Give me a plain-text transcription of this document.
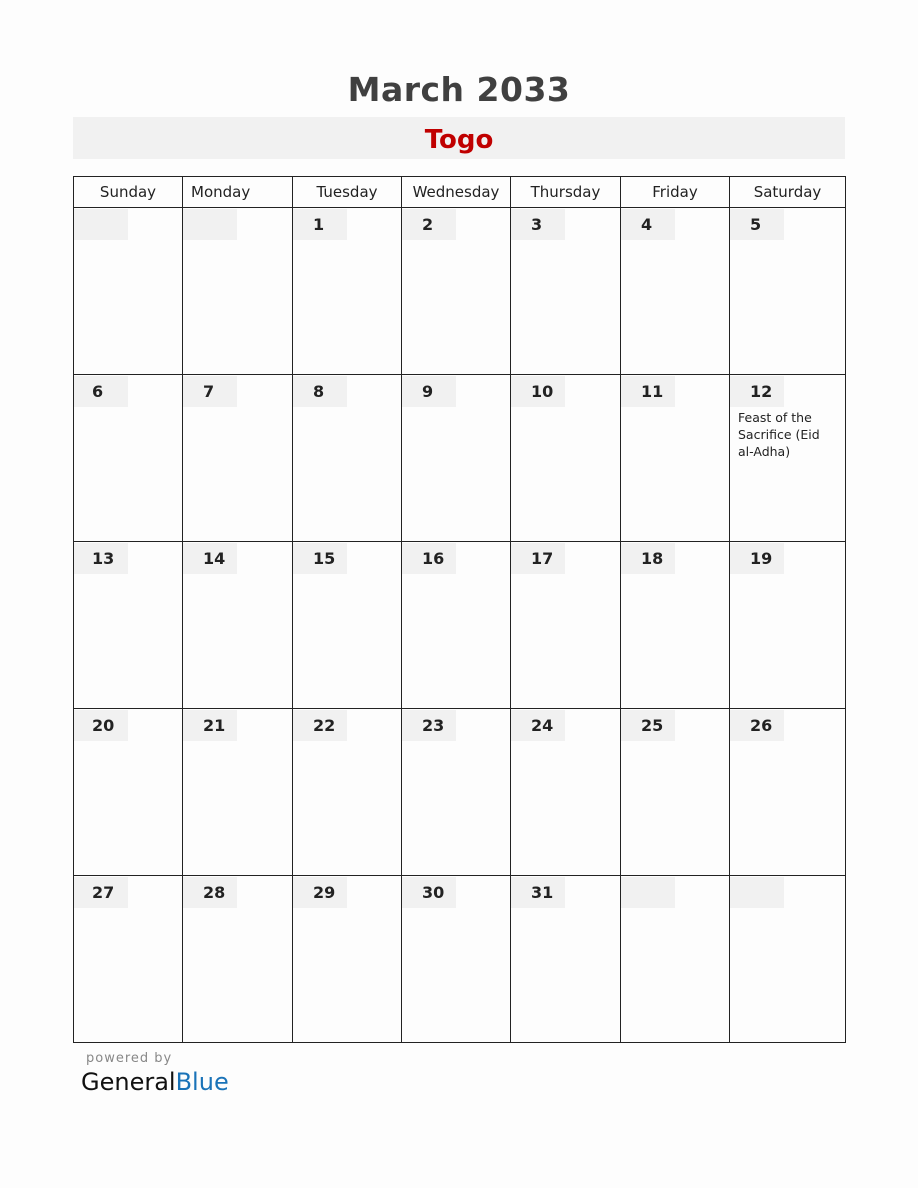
March 2033
Togo
Sunday	Monday	Tuesday	Wednesday	Thursday	Friday	Saturday

		1	2	3	4	5

6	7	8	9	10	11	12
Feast of the Sacrifice (Eid al-Adha)

13	14	15	16	17	18	19

20	21	22	23	24	25	26

27	28	29	30	31		

powered by
GeneralBlue
